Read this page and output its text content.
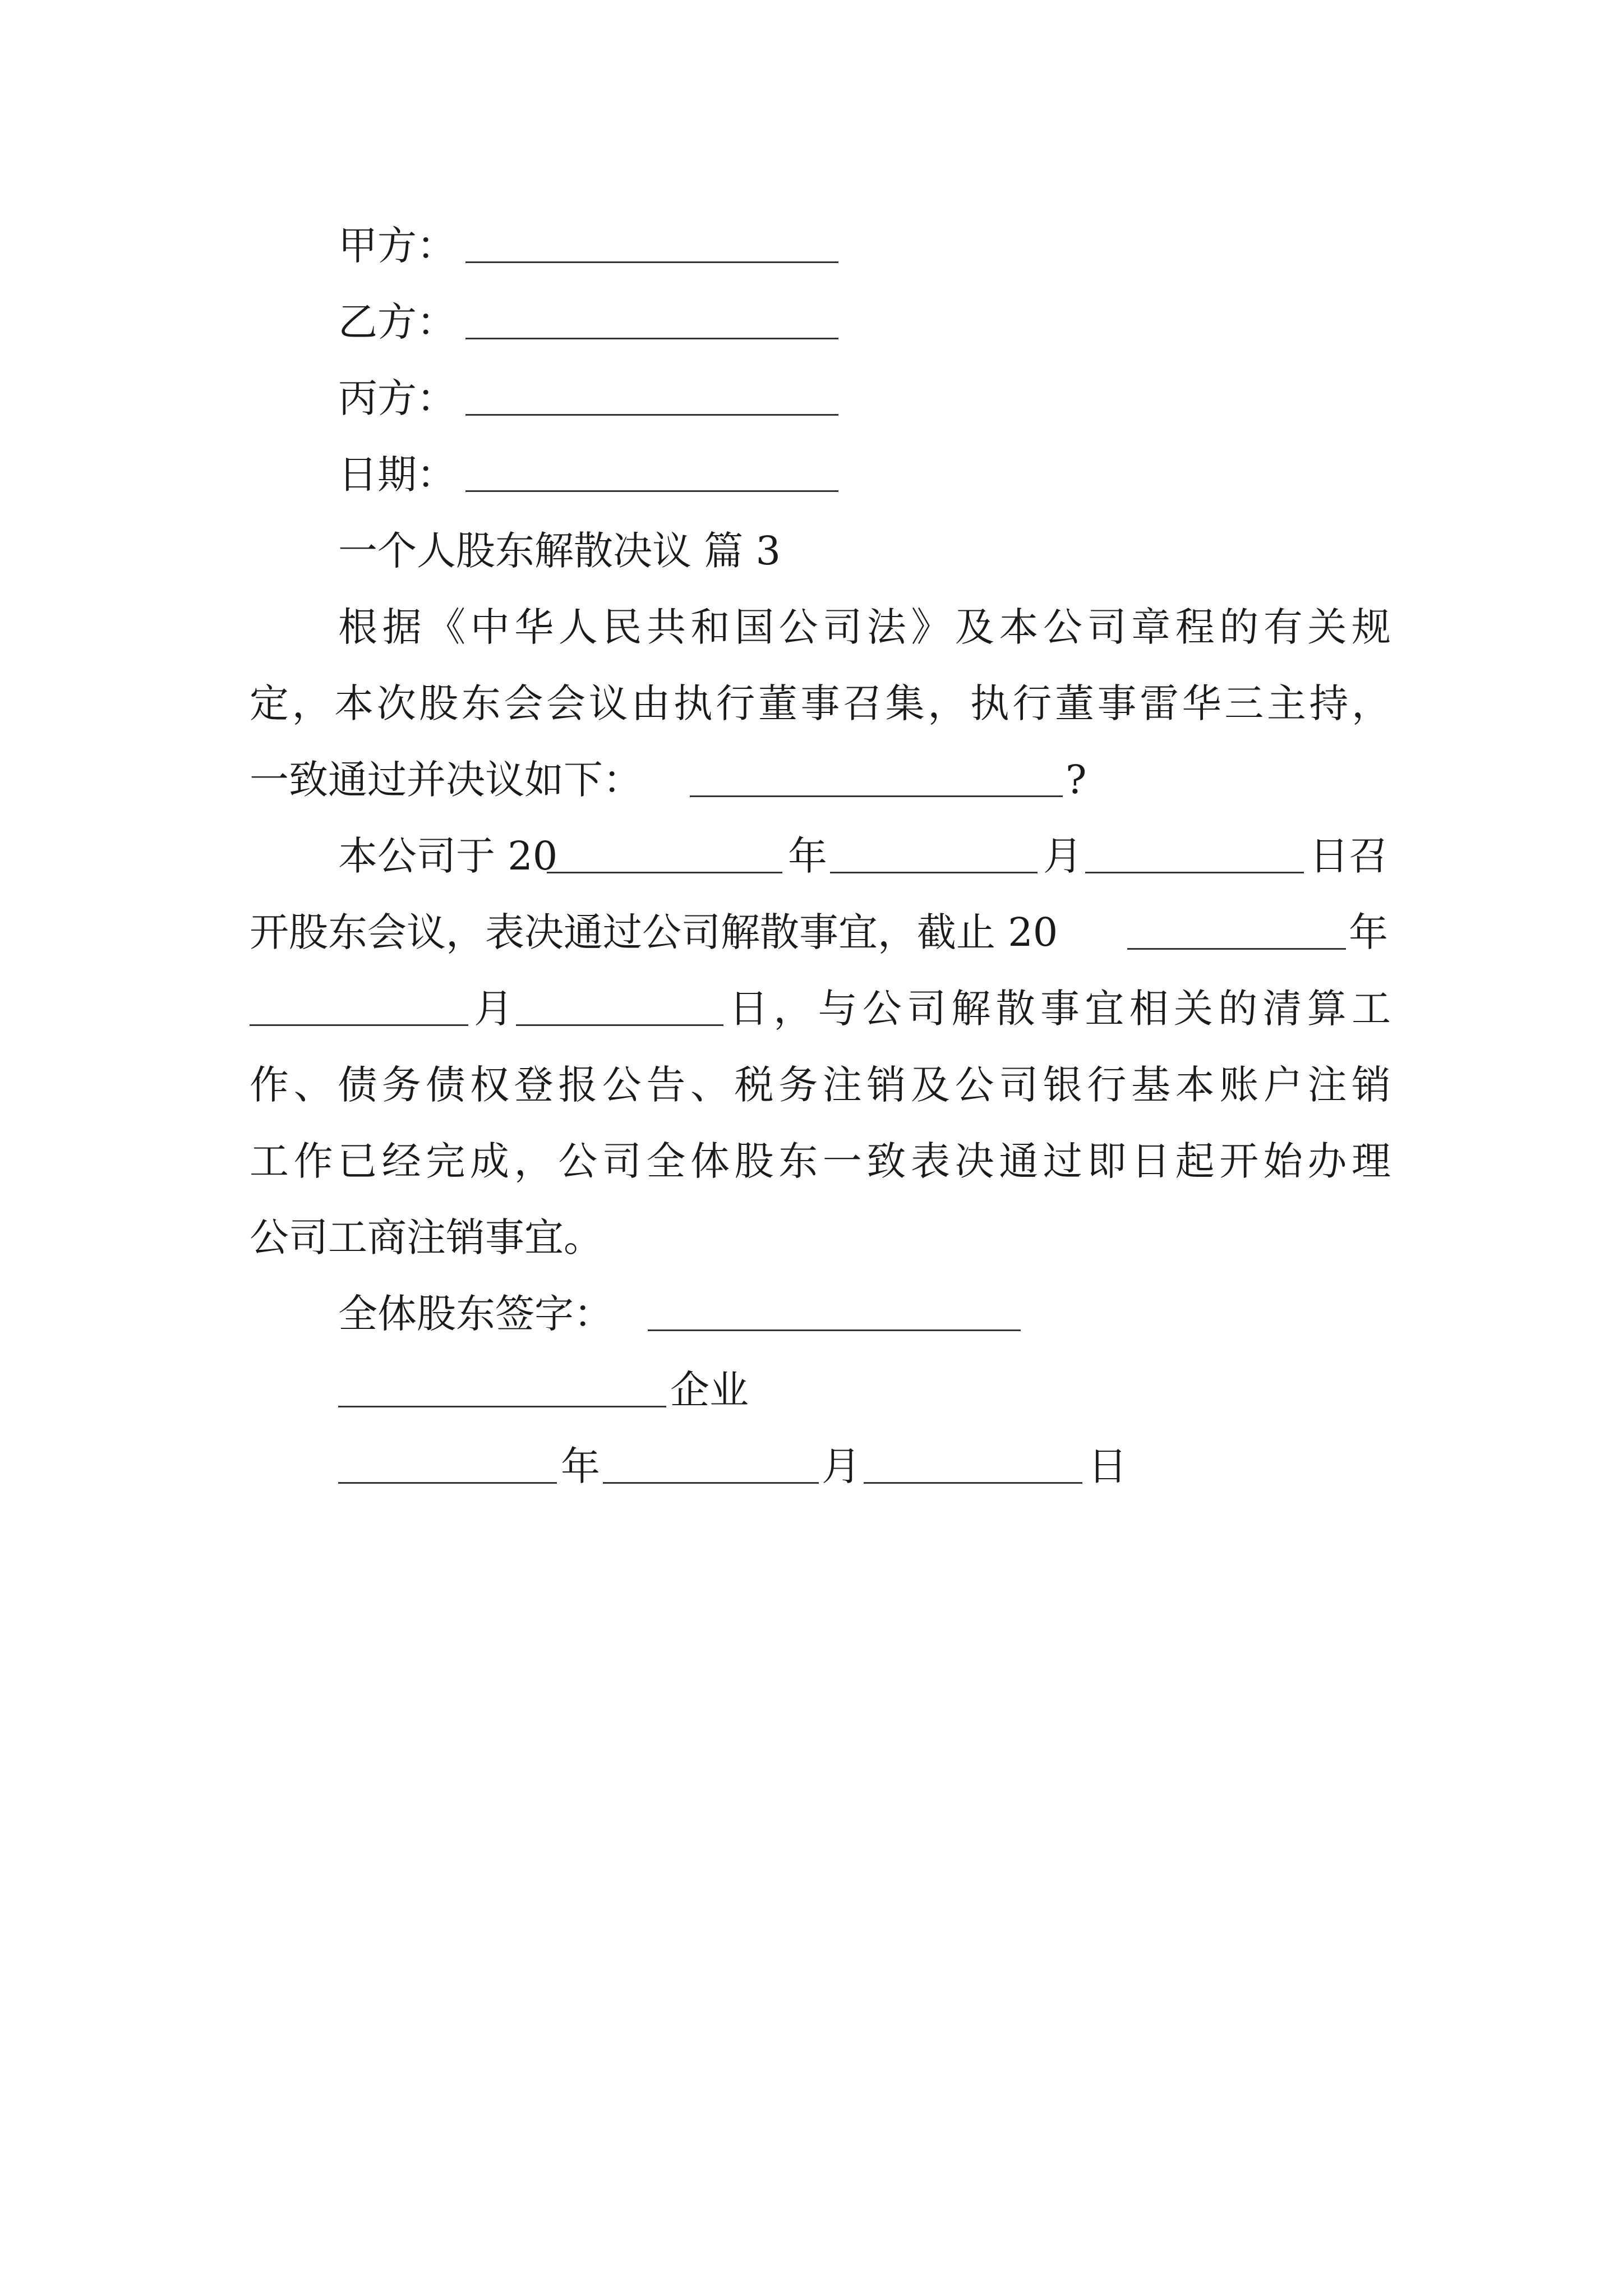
甲方：
乙方：
丙方：
日期：
一个人股东解散决议 篇 3
根据《中华人民共和国公司法》及本公司章程的有关规
定，本次股东会会议由执行董事召集，执行董事雷华三主持，
一致通过并决议如下：	?
本公司于 20	年	月	日召
开股东会议，表决通过公司解散事宜，截止 20	年
月	日，与公司解散事宜相关的清算工
作、债务债权登报公告、税务注销及公司银行基本账户注销
工作已经完成，公司全体股东一致表决通过即日起开始办理
公司工商注销事宜。
全体股东签字：
企业
年	月	日
